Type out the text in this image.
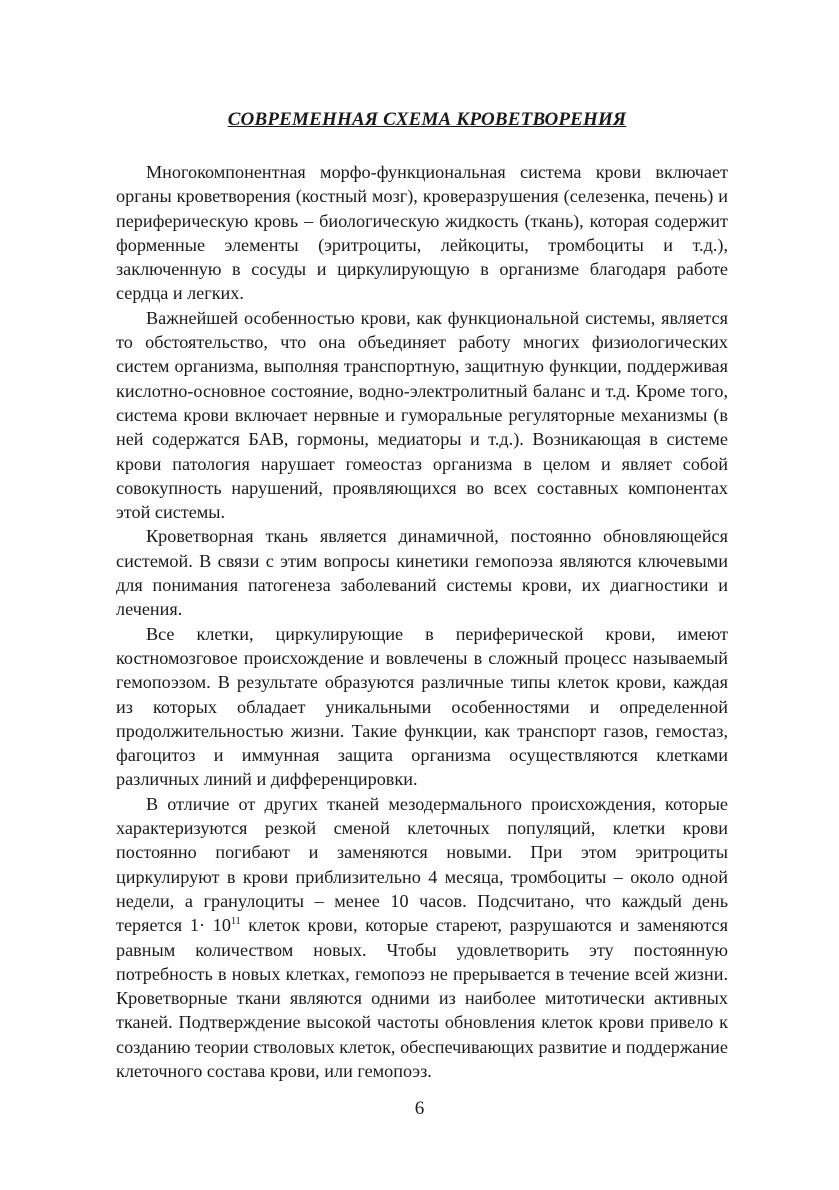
СОВРЕМЕННАЯ СХЕМА КРОВЕТВОРЕНИЯ

Многокомпонентная морфо-функциональная система крови включает органы кроветворения (костный мозг), кроверазрушения (селезенка, печень) и периферическую кровь – биологическую жидкость (ткань), которая содержит форменные элементы (эритроциты, лейкоциты, тромбоциты и т.д.), заключенную в сосуды и циркулирующую в организме благодаря работе сердца и легких.

Важнейшей особенностью крови, как функциональной системы, является то обстоятельство, что она объединяет работу многих физиологических систем организма, выполняя транспортную, защитную функции, поддерживая кислотно-основное состояние, водно-электролитный баланс и т.д. Кроме того, система крови включает нервные и гуморальные регуляторные механизмы (в ней содержатся БАВ, гормоны, медиаторы и т.д.). Возникающая в системе крови патология нарушает гомеостаз организма в целом и являет собой совокупность нарушений, проявляющихся во всех составных компонентах этой системы.

Кроветворная ткань является динамичной, постоянно обновляющейся системой. В связи с этим вопросы кинетики гемопоэза являются ключевыми для понимания патогенеза заболеваний системы крови, их диагностики и лечения.

Все клетки, циркулирующие в периферической крови, имеют костномозговое происхождение и вовлечены в сложный процесс называемый гемопоэзом. В результате образуются различные типы клеток крови, каждая из которых обладает уникальными особенностями и определенной продолжительностью жизни. Такие функции, как транспорт газов, гемостаз, фагоцитоз и иммунная защита организма осуществляются клетками различных линий и дифференцировки.

В отличие от других тканей мезодермального происхождения, которые характеризуются резкой сменой клеточных популяций, клетки крови постоянно погибают и заменяются новыми. При этом эритроциты циркулируют в крови приблизительно 4 месяца, тромбоциты – около одной недели, а гранулоциты – менее 10 часов. Подсчитано, что каждый день теряется $1\cdot 10^{11}$ клеток крови, которые стареют, разрушаются и заменяются равным количеством новых. Чтобы удовлетворить эту постоянную потребность в новых клетках, гемопоэз не прерывается в течение всей жизни. Кроветворные ткани являются одними из наиболее митотически активных тканей. Подтверждение высокой частоты обновления клеток крови привело к созданию теории стволовых клеток, обеспечивающих развитие и поддержание клеточного состава крови, или гемопоэз.

6
